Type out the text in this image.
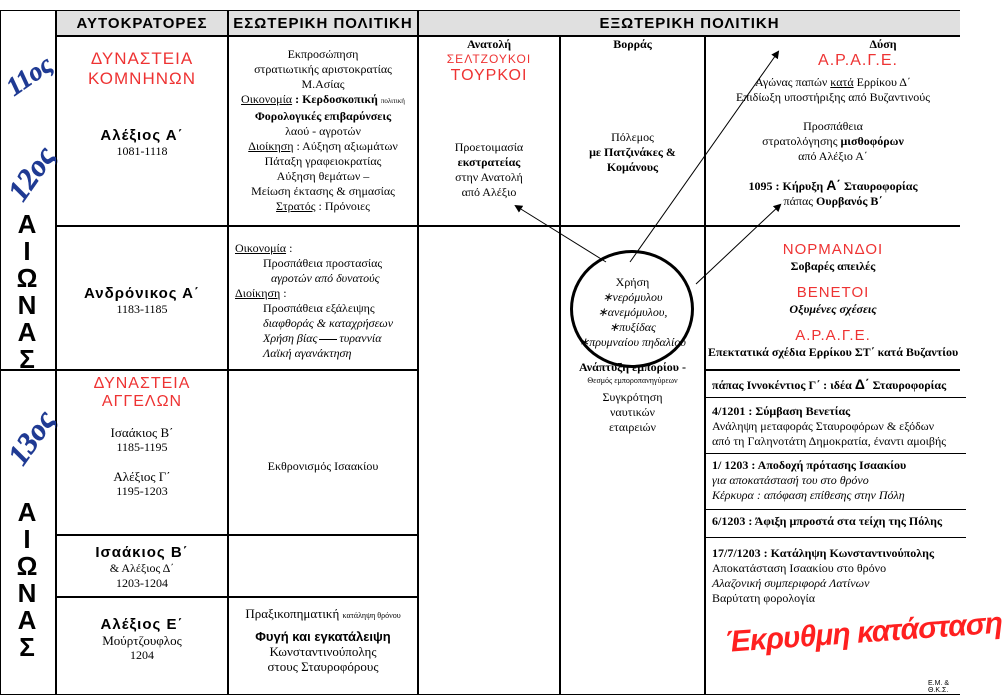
ΑΥΤΟΚΡΑΤΟΡΕΣ ΕΣΩΤΕΡΙΚΗ ΠΟΛΙΤΙΚΗ	ΕΞΩΤΕΡΙΚΗ ΠΟΛΙΤΙΚΗ
11ος
12ος
Α
Ι
Ω
Ν
Α
Σ
13ος
Α
Ι
Ω
Ν
Α
Σ
ΔΥΝΑΣΤΕΙΑ
ΚΟΜΝΗΝΩΝ
Αλέξιος Α΄
1081-1118

Εκπροσώπηση

στρατιωτικής αριστοκρατίας

Μ.Ασίας

Οικονομία : Κερδοσκοπική πολιτική

Φορολογικές επιβαρύνσεις

λαού - αγροτών

Διοίκηση : Αύξηση αξιωμάτων

Πάταξη γραφειοκρατίας

Αύξηση θεμάτων –

Μείωση έκτασης & σημασίας

Στρατός : Πρόνοιες

Ανατολή

ΣΕΛΤΖΟΥΚΟΙ

ΤΟΥΡΚΟΙ

Προετοιμασία

εκστρατείας

στην Ανατολή

από Αλέξιο

Βορράς

Πόλεμος

με Πατζινάκες &

Κομάνους

Δύση

Α.Ρ.Α.Γ.Ε.

Αγώνας παπών κατά Ερρίκου Δ΄

Επιδίωξη υποστήριξης από Βυζαντινούς

Προσπάθεια

στρατολόγησης μισθοφόρων

από Αλέξιο Α΄

1095 : Κήρυξη Α΄ Σταυροφορίας

πάπας Ουρβανός Β΄

Ανδρόνικος Α΄
1183-1185

Οικονομία :

Προσπάθεια προστασίας

αγροτών από δυνατούς

Διοίκηση :

Προσπάθεια εξάλειψης

διαφθοράς & καταχρήσεων

Χρήση βίας τυραννία

Λαϊκή αγανάκτηση

Χρήση

∗νερόμυλου

∗ανεμόμυλου,

∗πυξίδας

∗πρυμναίου πηδαλίου

Ανάπτυξη εμπορίου -

Θεσμός εμποροπανηγύρεων

Συγκρότηση

ναυτικών

εταιρειών

ΝΟΡΜΑΝΔΟΙ

Σοβαρές απειλές

ΒΕΝΕΤΟΙ

Οξυμένες σχέσεις

Α.Ρ.Α.Γ.Ε.

Επεκτατικά σχέδια Ερρίκου ΣΤ΄ κατά Βυζαντίου

ΔΥΝΑΣΤΕΙΑ
ΑΓΓΕΛΩΝ
Ισαάκιος Β΄
1185-1195
Αλέξιος Γ΄
1195-1203

Εκθρονισμός Ισαακίου

πάπας Ιννοκέντιος Γ΄ : ιδέα Δ΄ Σταυροφορίας

4/1201 : Σύμβαση Βενετίας

Ανάληψη μεταφοράς Σταυροφόρων & εξόδων

από τη Γαληνοτάτη Δημοκρατία, έναντι αμοιβής

1/ 1203 : Αποδοχή πρότασης Ισαακίου

για αποκατάστασή του στο θρόνο

Κέρκυρα : απόφαση επίθεσης στην Πόλη

6/1203 : Άφιξη μπροστά στα τείχη της Πόλης

17/7/1203 : Κατάληψη Κωνσταντινούπολης

Αποκατάσταση Ισαακίου στο θρόνο

Αλαζονική συμπεριφορά Λατίνων

Βαρύτατη φορολογία

Ισαάκιος Β΄
& Αλέξιος Δ΄
1203-1204
Αλέξιος Ε΄
Μούρτζουφλος
1204

Πραξικοπηματική κατάληψη θρόνου

Φυγή και εγκατάλειψη

Κωνσταντινούπολης

στους Σταυροφόρους

Έκρυθμη κατάσταση
Ε.Μ. & Θ.Κ.Σ.
